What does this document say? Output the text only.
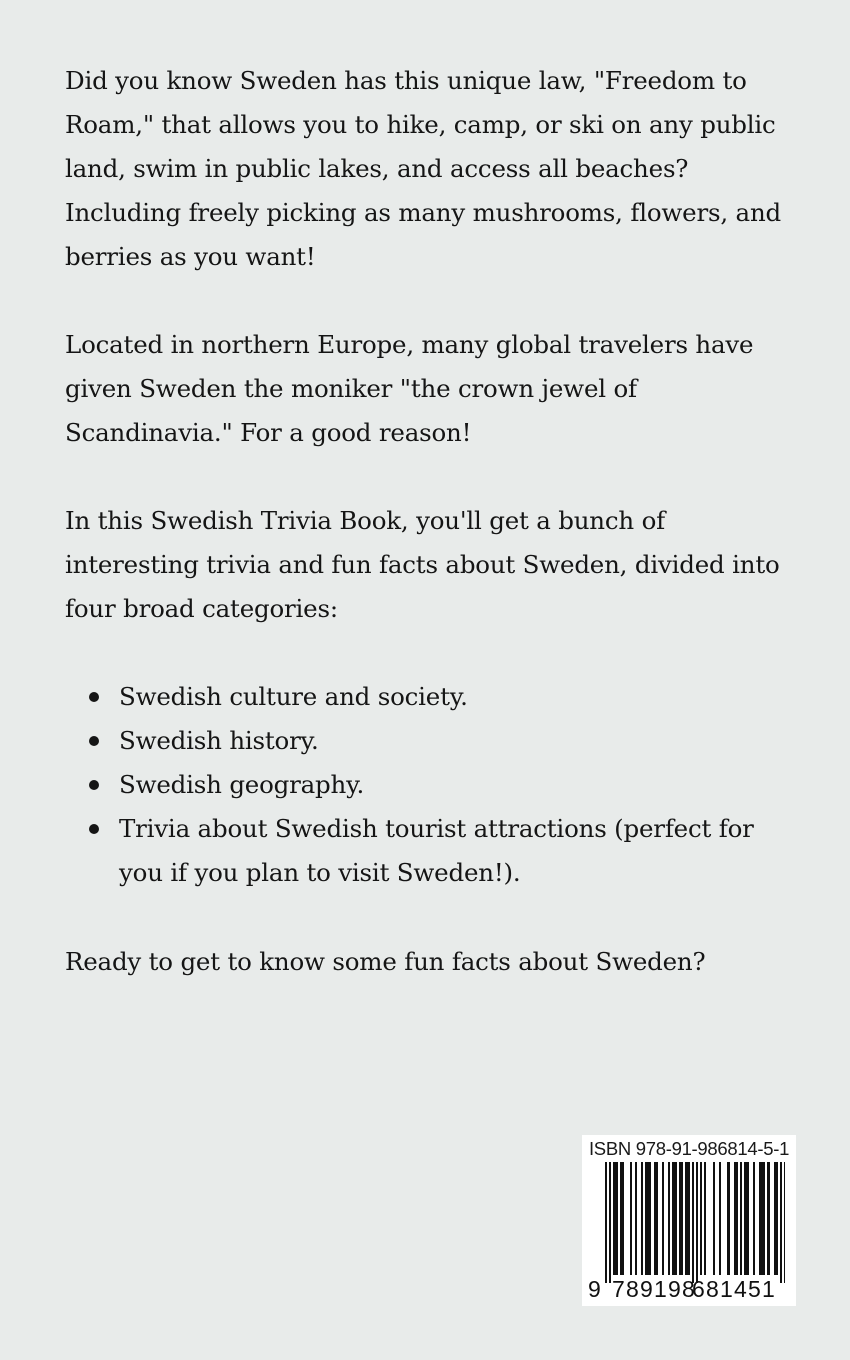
Did you know Sweden has this unique law, "Freedom to
Roam," that allows you to hike, camp, or ski on any public
land, swim in public lakes, and access all beaches?
Including freely picking as many mushrooms, flowers, and
berries as you want!

Located in northern Europe, many global travelers have
given Sweden the moniker "the crown jewel of
Scandinavia." For a good reason!

In this Swedish Trivia Book, you'll get a bunch of
interesting trivia and fun facts about Sweden, divided into
four broad categories:

Swedish culture and society.
Swedish history.
Swedish geography.
Trivia about Swedish tourist attractions (perfect for
you if you plan to visit Sweden!).

Ready to get to know some fun facts about Sweden?

ISBN 978-91-986814-5-1
9 789198
681451
